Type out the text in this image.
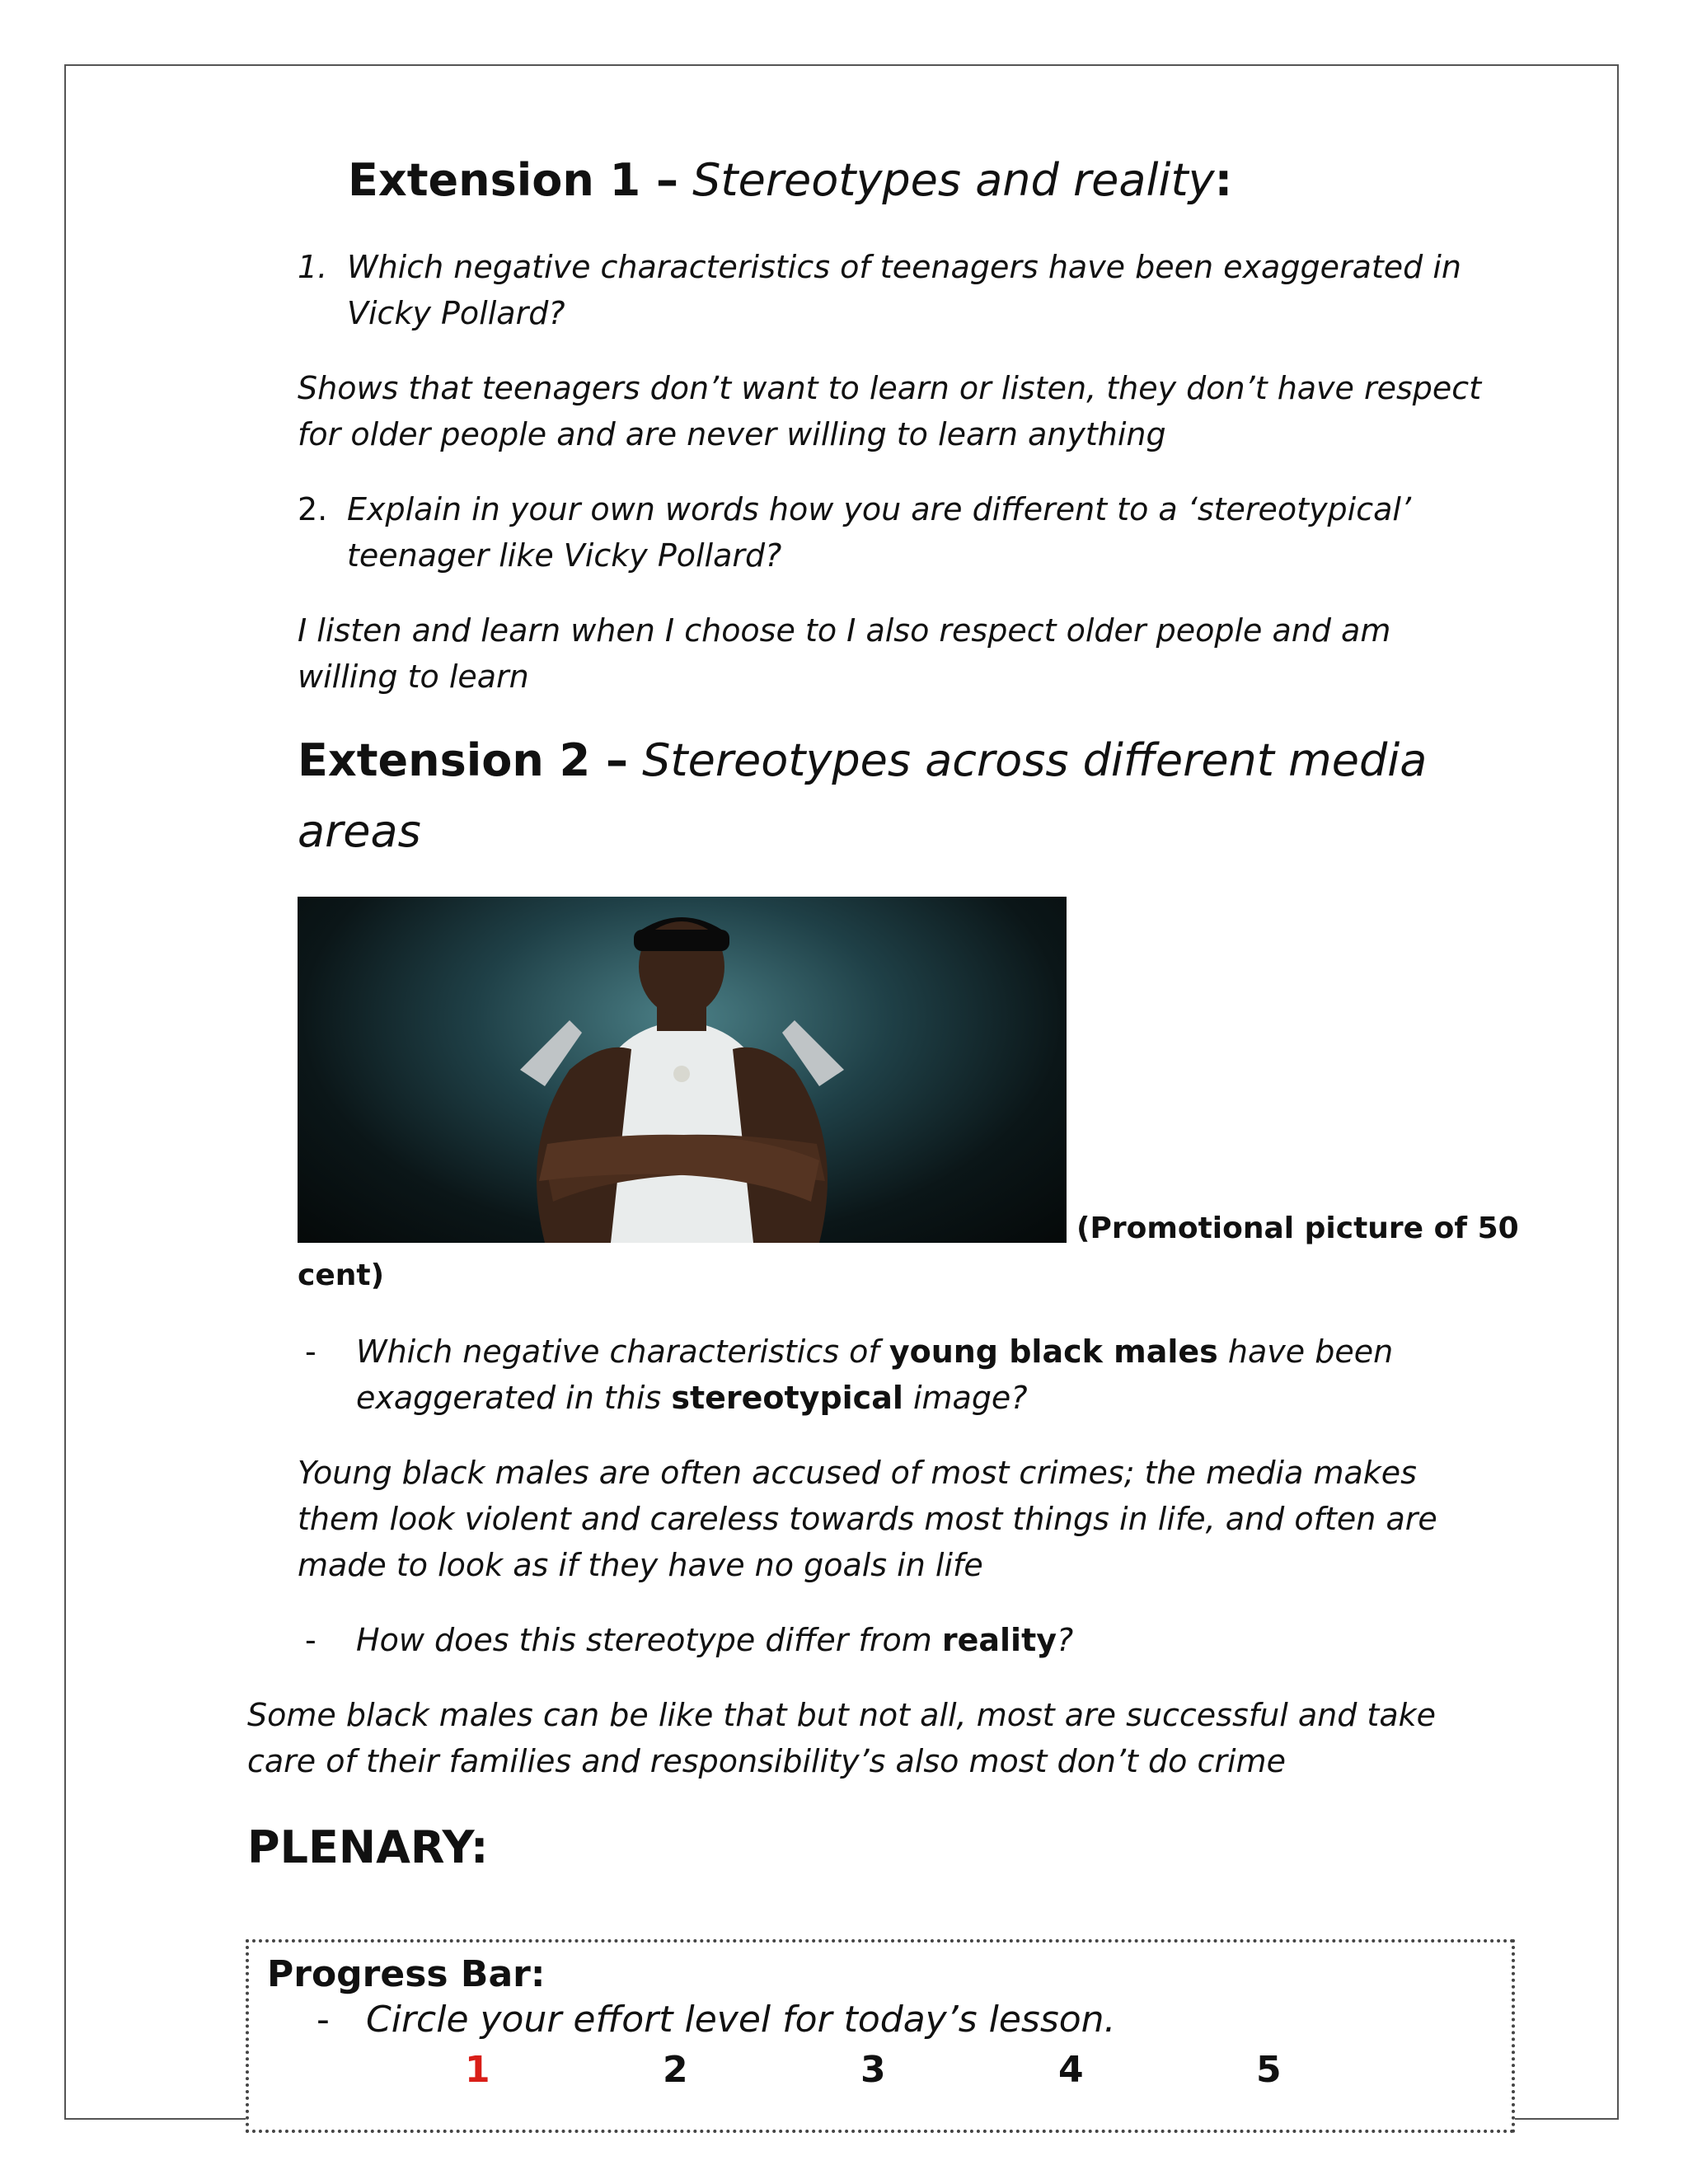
Extension 1 – Stereotypes and reality:
1. Which negative characteristics of teenagers have been exaggerated in
Vicky Pollard?
Shows that teenagers don’t want to learn or listen, they don’t have respect
for older people and are never willing to learn anything
2. Explain in your own words how you are different to a ‘stereotypical’
teenager like Vicky Pollard?
I listen and learn when I choose to I also respect older people and am
willing to learn
Extension 2 – Stereotypes across different media
areas
(Promotional picture of 50
cent)
- Which negative characteristics of young black males have been
exaggerated in this stereotypical image?
Young black males are often accused of most crimes; the media makes
them look violent and careless towards most things in life, and often are
made to look as if they have no goals in life
- How does this stereotype differ from reality?
Some black males can be like that but not all, most are successful and take
care of their families and responsibility’s also most don’t do crime
PLENARY:
Progress Bar:
- Circle your effort level for today’s lesson.
1	2	3	4	5
